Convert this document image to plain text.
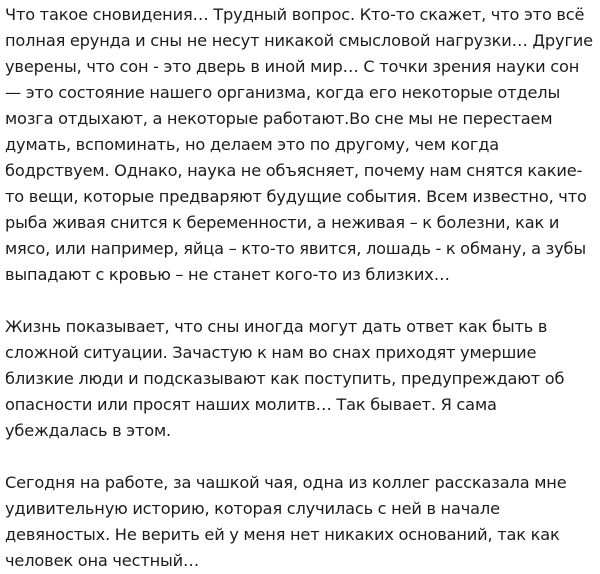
Что такое сновидения… Трудный вопрос. Кто-то скажет, что это всё полная ерунда и сны не несут никакой смысловой нагрузки… Другие уверены, что сон - это дверь в иной мир… С точки зрения науки сон — это состояние нашего организма, когда его некоторые отделы мозга отдыхают, а некоторые работают.Во сне мы не перестаем думать, вспоминать, но делаем это по другому, чем когда бодрствуем. Однако, наука не объясняет, почему нам снятся какие-то вещи, которые предваряют будущие события. Всем известно, что рыба живая снится к беременности, а неживая – к болезни, как и мясо, или например, яйца – кто-то явится, лошадь - к обману, а зубы выпадают с кровью – не станет кого-то из близких…

Жизнь показывает, что сны иногда могут дать ответ как быть в сложной ситуации. Зачастую к нам во снах приходят умершие близкие люди и подсказывают как поступить, предупреждают об опасности или просят наших молитв… Так бывает. Я сама убеждалась в этом.

Сегодня на работе, за чашкой чая, одна из коллег рассказала мне удивительную историю, которая случилась с ней в начале девяностых. Не верить ей у меня нет никаких оснований, так как человек она честный…
